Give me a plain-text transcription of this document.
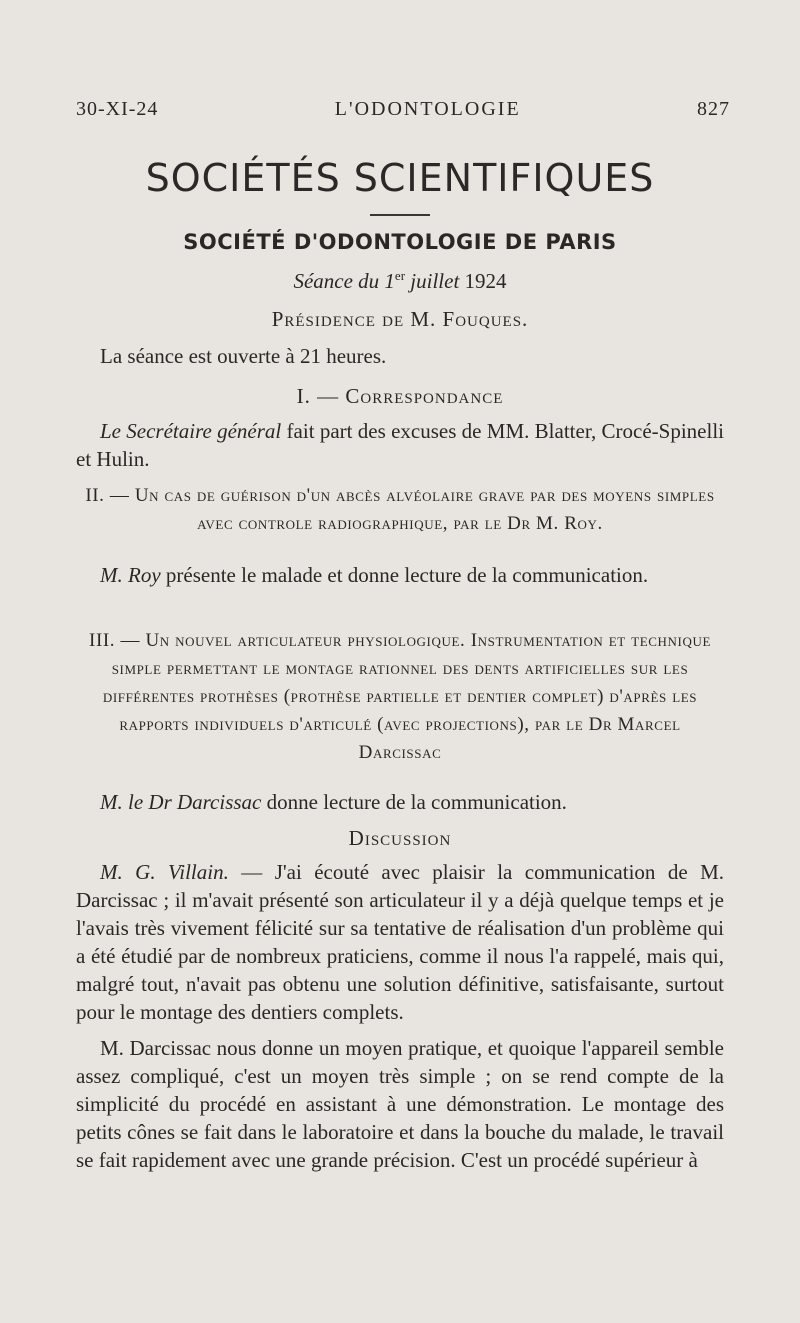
30-XI-24	L'ODONTOLOGIE	827
SOCIÉTÉS SCIENTIFIQUES
SOCIÉTÉ D'ODONTOLOGIE DE PARIS
Séance du 1er juillet 1924
Présidence de M. Fouques.
La séance est ouverte à 21 heures.
I. — Correspondance
Le Secrétaire général fait part des excuses de MM. Blatter, Crocé-Spinelli et Hulin.
II. — Un cas de guérison d'un abcès alvéolaire grave par des moyens simples avec controle radiographique, par le Dr M. Roy.
M. Roy présente le malade et donne lecture de la communication.
III. — Un nouvel articulateur physiologique. Instrumentation et technique simple permettant le montage rationnel des dents artificielles sur les différentes prothèses (prothèse partielle et dentier complet) d'après les rapports individuels d'articulé (avec projections), par le Dr Marcel Darcissac
M. le Dr Darcissac donne lecture de la communication.
Discussion
M. G. Villain. — J'ai écouté avec plaisir la communication de M. Darcissac ; il m'avait présenté son articulateur il y a déjà quelque temps et je l'avais très vivement félicité sur sa tentative de réalisation d'un problème qui a été étudié par de nombreux praticiens, comme il nous l'a rappelé, mais qui, malgré tout, n'avait pas obtenu une solution définitive, satisfaisante, surtout pour le montage des dentiers complets.
M. Darcissac nous donne un moyen pratique, et quoique l'appareil semble assez compliqué, c'est un moyen très simple ; on se rend compte de la simplicité du procédé en assistant à une démonstration. Le montage des petits cônes se fait dans le laboratoire et dans la bouche du malade, le travail se fait rapidement avec une grande précision. C'est un procédé supérieur à
